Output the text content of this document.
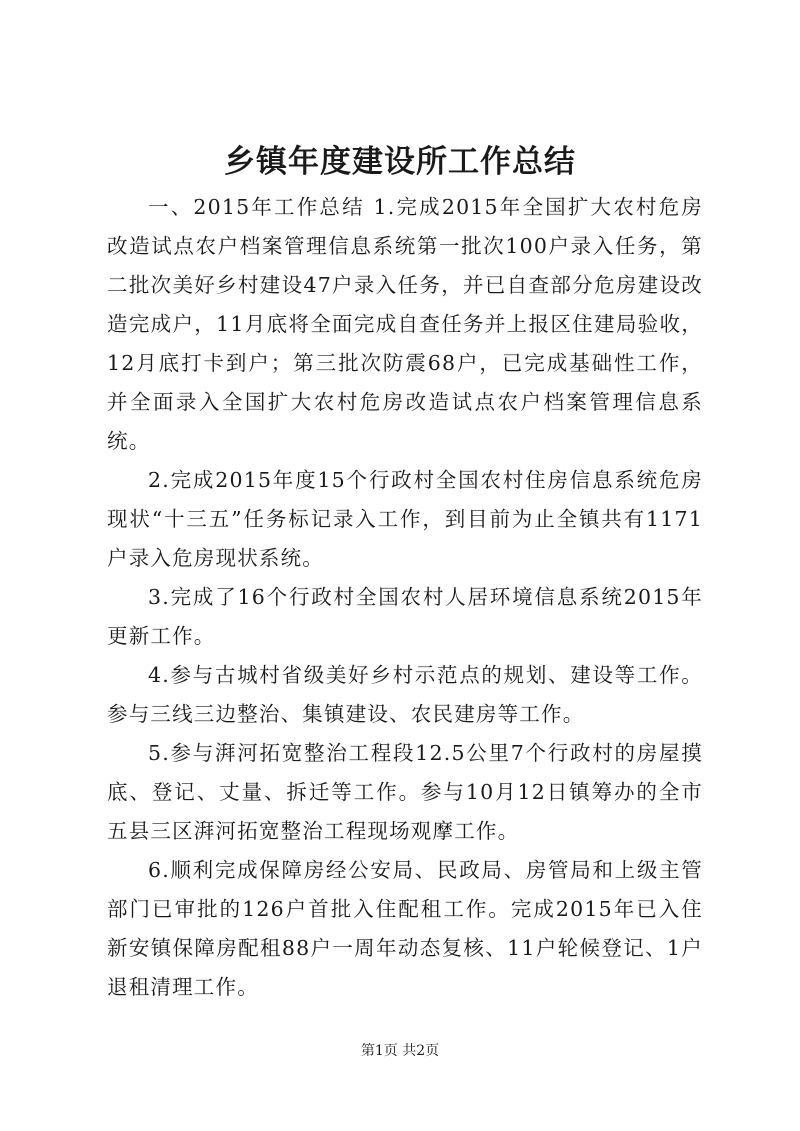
乡镇年度建设所工作总结

一、2015年工作总结 1.完成2015年全国扩大农村危房改造试点农户档案管理信息系统第一批次100户录入任务，第二批次美好乡村建设47户录入任务，并已自查部分危房建设改造完成户，11月底将全面完成自查任务并上报区住建局验收，12月底打卡到户；第三批次防震68户，已完成基础性工作，并全面录入全国扩大农村危房改造试点农户档案管理信息系统。

2.完成2015年度15个行政村全国农村住房信息系统危房现状“十三五”任务标记录入工作，到目前为止全镇共有1171户录入危房现状系统。

3.完成了16个行政村全国农村人居环境信息系统2015年更新工作。

4.参与古城村省级美好乡村示范点的规划、建设等工作。参与三线三边整治、集镇建设、农民建房等工作。

5.参与湃河拓宽整治工程段12.5公里7个行政村的房屋摸底、登记、丈量、拆迁等工作。参与10月12日镇筹办的全市五县三区湃河拓宽整治工程现场观摩工作。

6.顺利完成保障房经公安局、民政局、房管局和上级主管部门已审批的126户首批入住配租工作。完成2015年已入住新安镇保障房配租88户一周年动态复核、11户轮候登记、1户退租清理工作。

第1页 共2页
